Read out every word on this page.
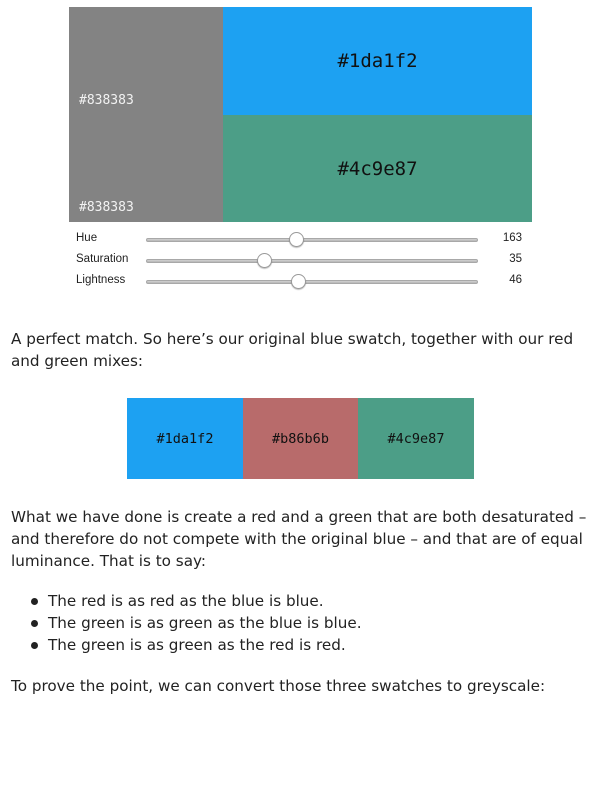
#838383
#838383
#1da1f2
#4c9e87
Hue	163
Saturation	35
Lightness	46

A perfect match. So here’s our original blue swatch, together with our red and green mixes:

#1da1f2	#b86b6b	#4c9e87

What we have done is create a red and a green that are both desaturated – and therefore do not compete with the original blue – and that are of equal luminance. That is to say:

The red is as red as the blue is blue.
The green is as green as the blue is blue.
The green is as green as the red is red.

To prove the point, we can convert those three swatches to greyscale:
